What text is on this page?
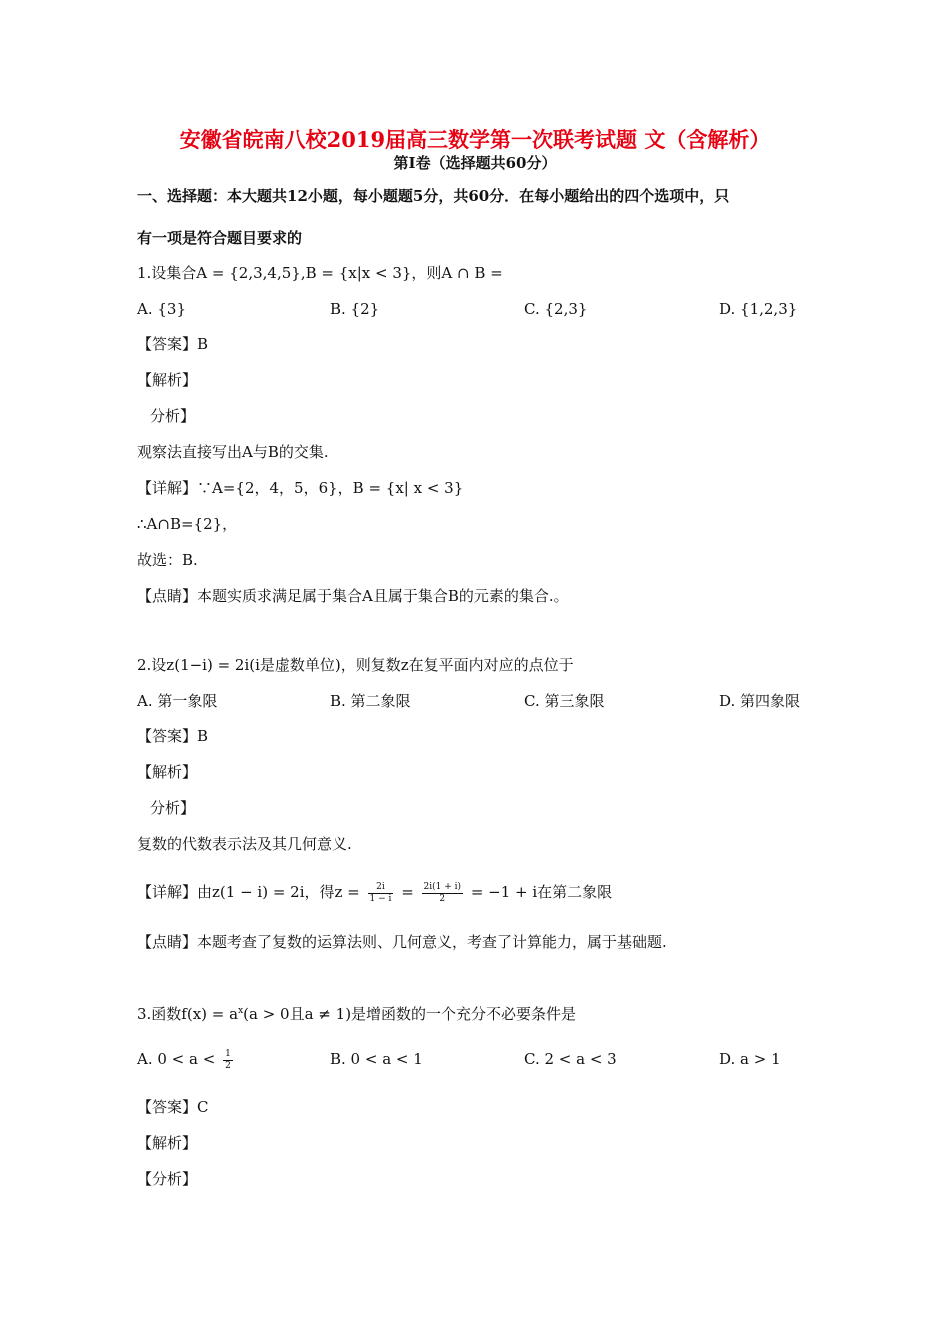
安徽省皖南八校2019届高三数学第一次联考试题 文（含解析）
第Ⅰ卷（选择题共60分）
一、选择题：本大题共12小题，每小题题5分，共60分．在每小题给出的四个选项中，只
有一项是符合题目要求的
1.设集合A = {2,3,4,5},B = {x|x < 3}，则A ∩ B =
A. {3}	B. {2}	C. {2,3}	D. {1,2,3}
【答案】B
【解析】
分析】
观察法直接写出A与B的交集.
【详解】∵A={2，4，5，6}，B = {x| x < 3}
∴A∩B={2}，
故选：B.
【点睛】本题实质求满足属于集合A且属于集合B的元素的集合.。
2.设z(1−i) = 2i(i是虚数单位)，则复数z在复平面内对应的点位于
A. 第一象限	B. 第二象限	C. 第三象限	D. 第四象限
【答案】B
【解析】
分析】
复数的代数表示法及其几何意义.
【详解】由z(1 − i) = 2i，得$z = \frac{2i}{1 - i} = \frac{2i(1 + i)}{2} = -1 + i$在第二象限
【点睛】本题考查了复数的运算法则、几何意义，考查了计算能力，属于基础题.
3.函数$f(x) = a^x(a > 0$且a ≠ 1)是增函数的一个充分不必要条件是
A. $0 < a < \frac{1}{2}$	B. 0 < a < 1	C. 2 < a < 3	D. a > 1
【答案】C
【解析】
【分析】
